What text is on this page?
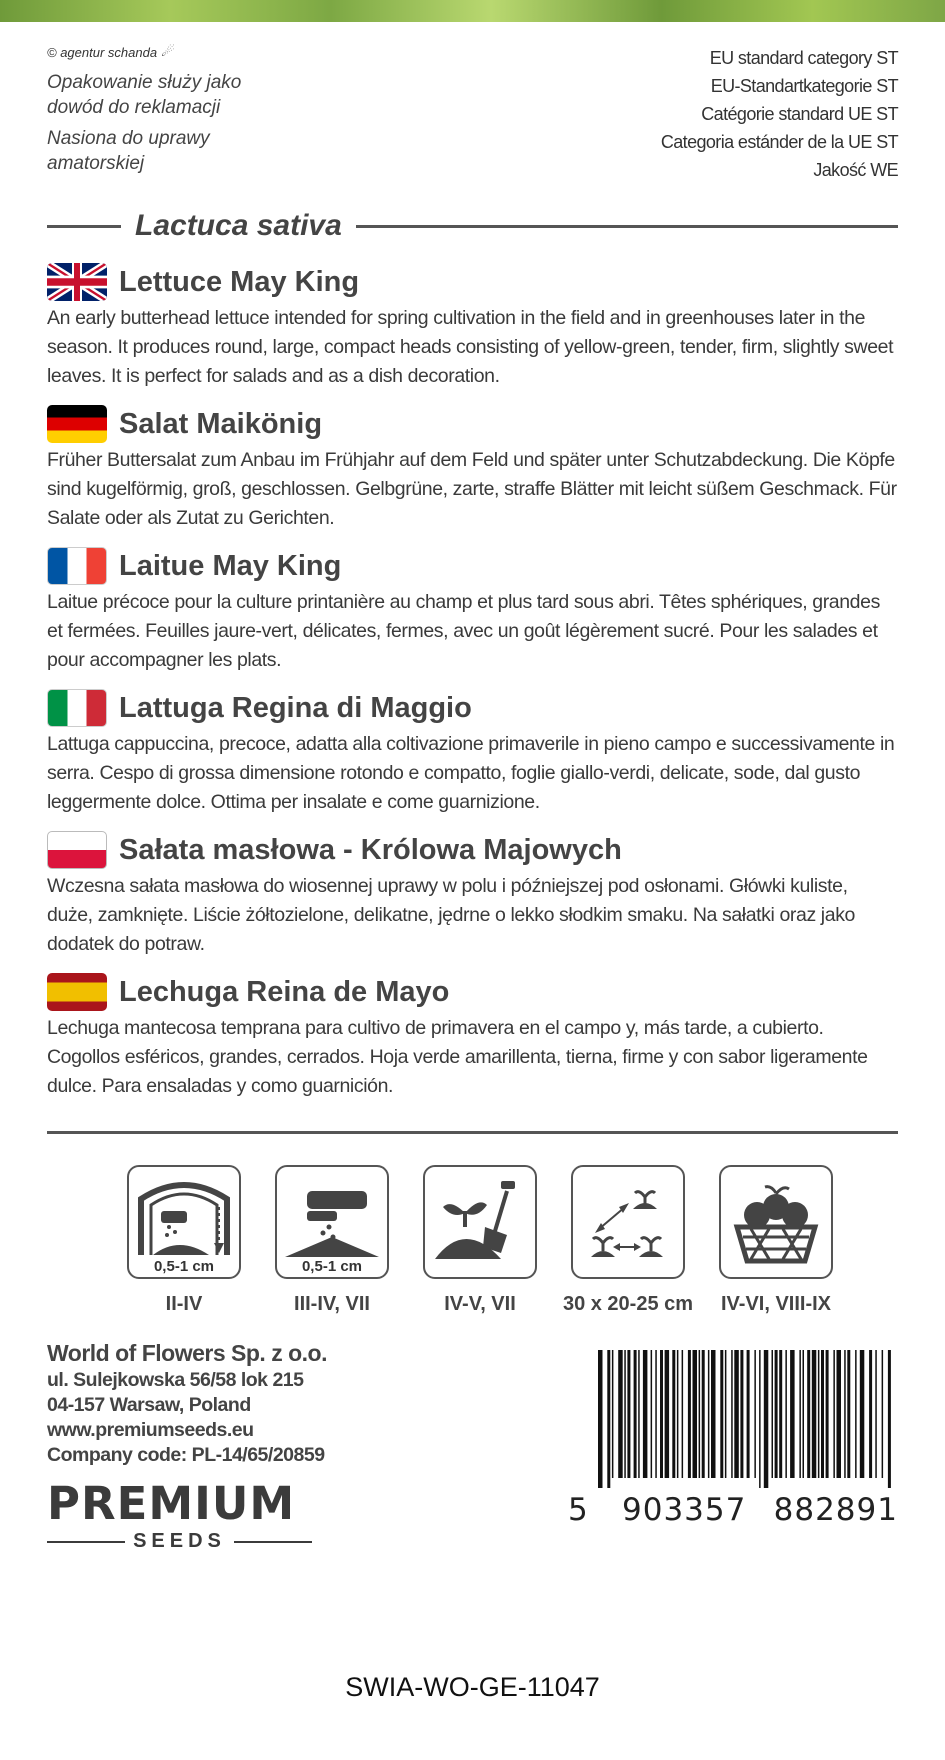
© agentur schanda ☄
Opakowanie służy jako
dowód do reklamacji
Nasiona do uprawy
amatorskiej
EU standard category ST
EU-Standartkategorie ST
Catégorie standard UE ST
Categoria estánder de la UE ST
Jakość WE
Lactuca sativa
Lettuce May King
An early butterhead lettuce intended for spring cultivation in the field and in greenhouses later in the season. It produces round, large, compact heads consisting of yellow-green, tender, firm, slightly sweet leaves. It is perfect for salads and as a dish decoration.
Salat Maikönig
Früher Buttersalat zum Anbau im Frühjahr auf dem Feld und später unter Schutzabdeckung. Die Köpfe sind kugelförmig, groß, geschlossen. Gelbgrüne, zarte, straffe Blätter mit leicht süßem Geschmack. Für Salate oder als Zutat zu Gerichten.
Laitue May King
Laitue précoce pour la culture printanière au champ et plus tard sous abri. Têtes sphériques, grandes et fermées. Feuilles jaure-vert, délicates, fermes, avec un goût légèrement sucré. Pour les salades et pour accompagner les plats.
Lattuga Regina di Maggio
Lattuga cappuccina, precoce, adatta alla coltivazione primaverile in pieno campo e successivamente in serra. Cespo di grossa dimensione rotondo e compatto, foglie giallo-verdi, delicate, sode, dal gusto leggermente dolce. Ottima per insalate e come guarnizione.
Sałata masłowa - Królowa Majowych
Wczesna sałata masłowa do wiosennej uprawy w polu i późniejszej pod osłonami. Główki kuliste, duże, zamknięte. Liście żółtozielone, delikatne, jędrne o lekko słodkim smaku. Na sałatki oraz jako dodatek do potraw.
Lechuga Reina de Mayo
Lechuga mantecosa temprana para cultivo de primavera en el campo y, más tarde, a cubierto. Cogollos esféricos, grandes, cerrados. Hoja verde amarillenta, tierna, firme y con sabor ligeramente dulce. Para ensaladas y como guarnición.
0,5-1 cm
II-IV
0,5-1 cm
III-IV, VII	IV-V, VII 30 x 20-25 cm IV-VI, VIII-IX
World of Flowers Sp. z o.o.
ul. Sulejkowska 56/58 lok 215
04-157 Warsaw, Poland
www.premiumseeds.eu
Company code: PL-14/65/20859
PREMIUM
SEEDS
5 903357 882891
SWIA-WO-GE-11047
